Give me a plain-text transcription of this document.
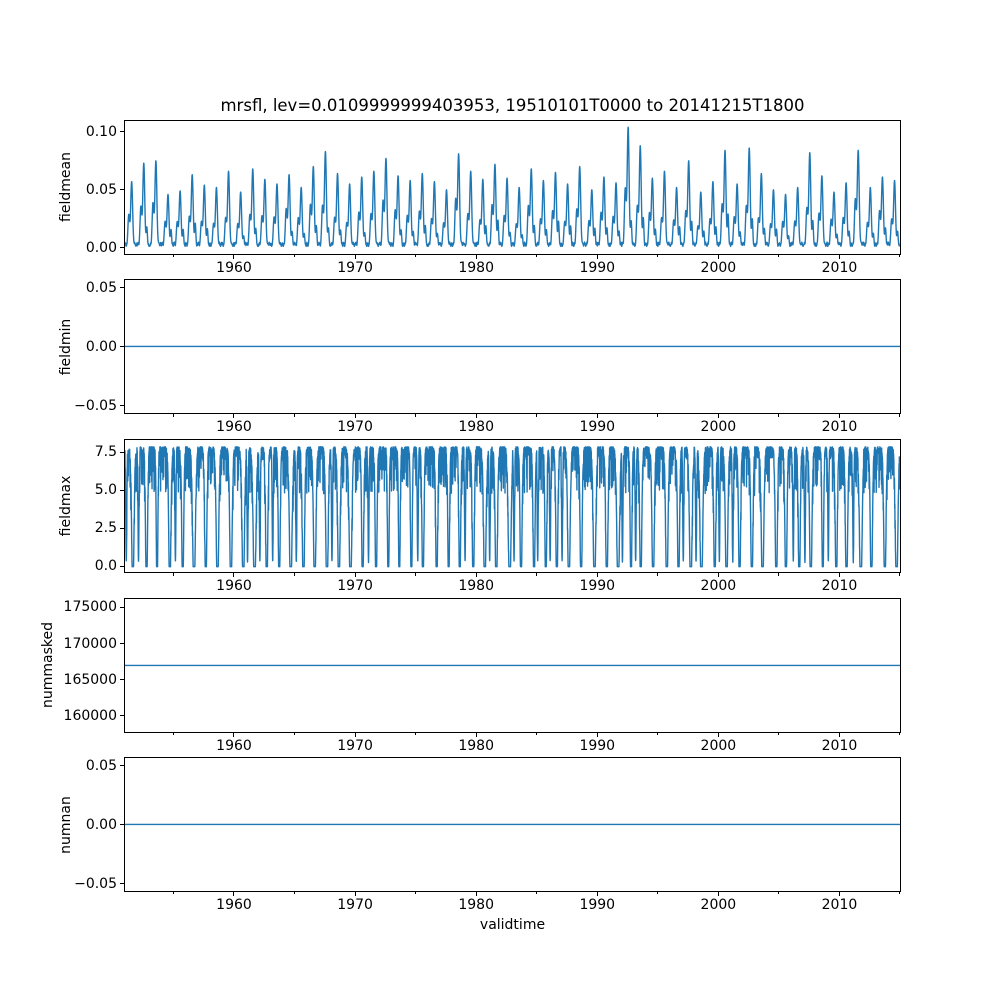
mrsfl, lev=0.0109999999403953, 19510101T0000 to 20141215T1800
fieldmean
0.00
0.05
0.10
1960	1970	1980	1990	2000	2010
fieldmin
−0.05
0.00
0.05
1960	1970	1980	1990	2000	2010
fieldmax
0.0
2.5
5.0
7.5
1960	1970	1980	1990	2000	2010
nummasked
160000
165000
170000
175000
1960	1970	1980	1990	2000	2010
numnan
−0.05
0.00
0.05
1960	1970	1980	1990	2000	2010
validtime
